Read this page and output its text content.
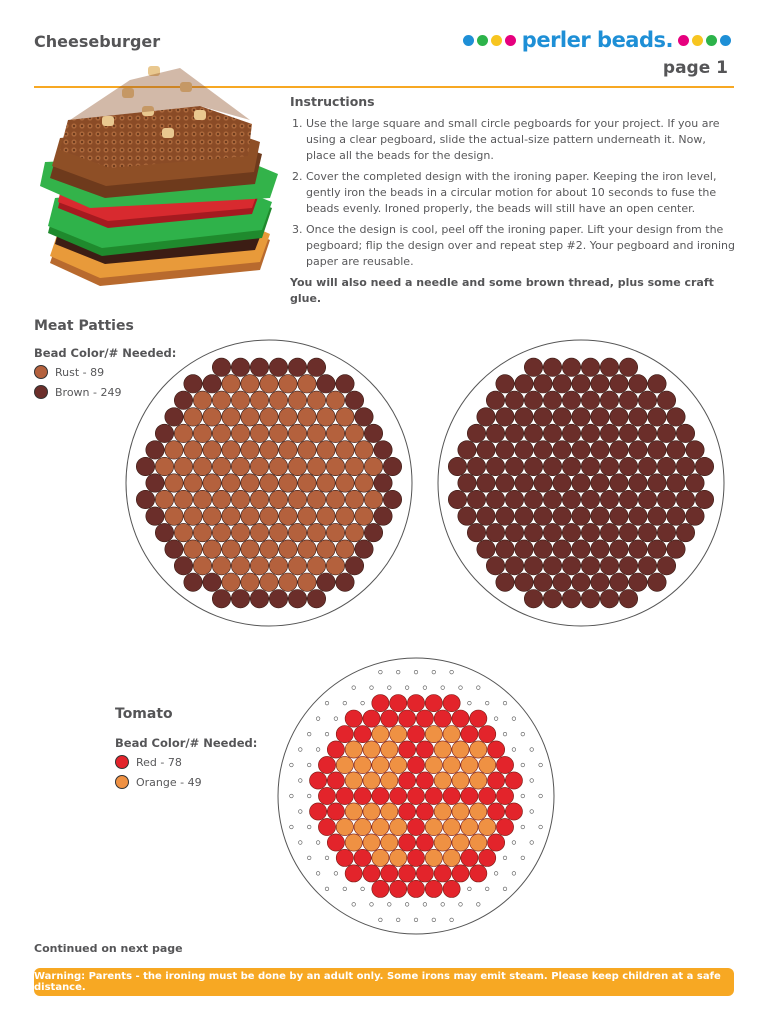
Cheeseburger	perler beads.
page 1
Instructions
1. Use the large square and small circle pegboards for your project. If you are using a clear pegboard, slide the actual-size pattern underneath it. Now, place all the beads for the design.
2. Cover the completed design with the ironing paper. Keeping the iron level, gently iron the beads in a circular motion for about 10 seconds to fuse the beads evenly. Ironed properly, the beads will still have an open center.
3. Once the design is cool, peel off the ironing paper. Lift your design from the pegboard; flip the design over and repeat step #2. Your pegboard and ironing paper are reusable.
You will also need a needle and some brown thread, plus some craft glue.
Meat Patties
Bead Color/# Needed:
Rust - 89
Brown - 249
Tomato
Bead Color/# Needed:
Red - 78
Orange - 49
Continued on next page
Warning: Parents - the ironing must be done by an adult only. Some irons may emit steam. Please keep children at a safe distance.
